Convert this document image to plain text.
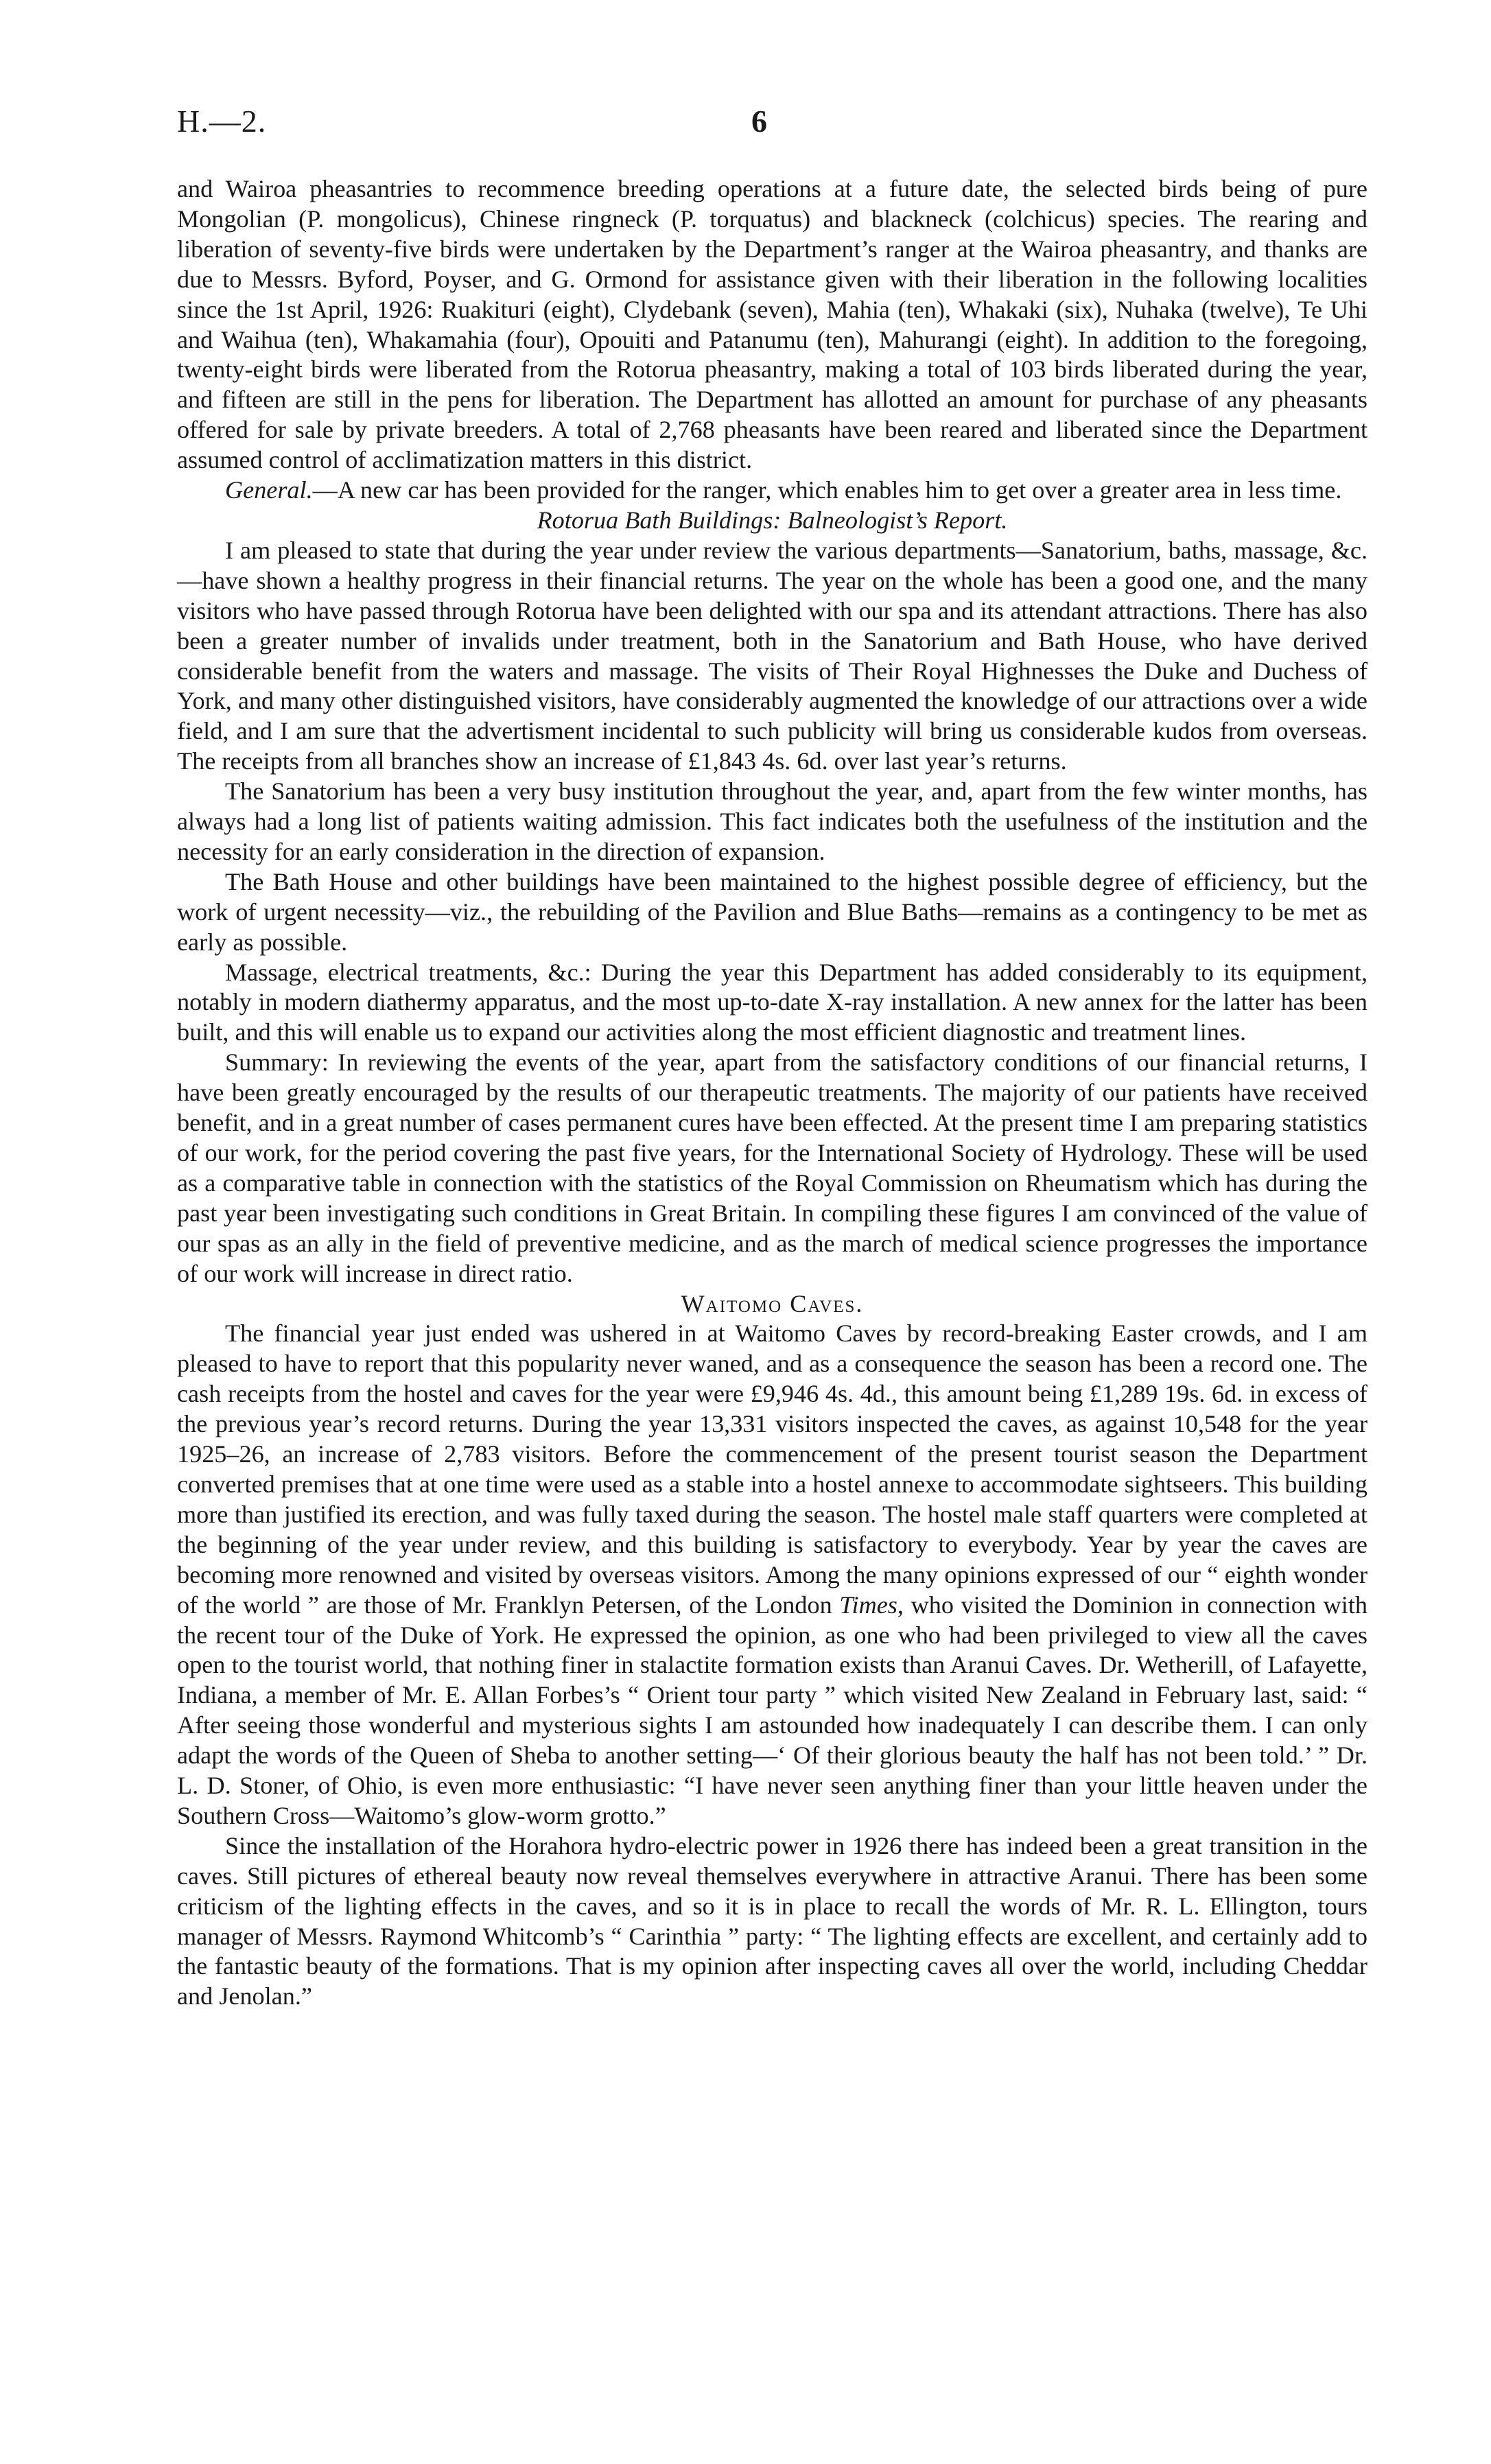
H.—2.	6

and Wairoa pheasantries to recommence breeding operations at a future date, the selected birds being of pure Mongolian (P. mongolicus), Chinese ringneck (P. torquatus) and blackneck (colchicus) species. The rearing and liberation of seventy-five birds were undertaken by the Department’s ranger at the Wairoa pheasantry, and thanks are due to Messrs. Byford, Poyser, and G. Ormond for assistance given with their liberation in the following localities since the 1st April, 1926: Ruakituri (eight), Clydebank (seven), Mahia (ten), Whakaki (six), Nuhaka (twelve), Te Uhi and Waihua (ten), Whakamahia (four), Opouiti and Patanumu (ten), Mahurangi (eight). In addition to the foregoing, twenty-eight birds were liberated from the Rotorua pheasantry, making a total of 103 birds liberated during the year, and fifteen are still in the pens for liberation. The Department has allotted an amount for purchase of any pheasants offered for sale by private breeders. A total of 2,768 pheasants have been reared and liberated since the Department assumed control of acclimatization matters in this district.

General.—A new car has been provided for the ranger, which enables him to get over a greater area in less time.

Rotorua Bath Buildings: Balneologist’s Report.

I am pleased to state that during the year under review the various departments—Sanatorium, baths, massage, &c.—have shown a healthy progress in their financial returns. The year on the whole has been a good one, and the many visitors who have passed through Rotorua have been delighted with our spa and its attendant attractions. There has also been a greater number of invalids under treatment, both in the Sanatorium and Bath House, who have derived considerable benefit from the waters and massage. The visits of Their Royal Highnesses the Duke and Duchess of York, and many other distinguished visitors, have considerably augmented the knowledge of our attractions over a wide field, and I am sure that the advertisment incidental to such publicity will bring us considerable kudos from overseas. The receipts from all branches show an increase of £1,843 4s. 6d. over last year’s returns.

The Sanatorium has been a very busy institution throughout the year, and, apart from the few winter months, has always had a long list of patients waiting admission. This fact indicates both the usefulness of the institution and the necessity for an early consideration in the direction of expansion.

The Bath House and other buildings have been maintained to the highest possible degree of efficiency, but the work of urgent necessity—viz., the rebuilding of the Pavilion and Blue Baths—remains as a contingency to be met as early as possible.

Massage, electrical treatments, &c.: During the year this Department has added considerably to its equipment, notably in modern diathermy apparatus, and the most up-to-date X-ray installation. A new annex for the latter has been built, and this will enable us to expand our activities along the most efficient diagnostic and treatment lines.

Summary: In reviewing the events of the year, apart from the satisfactory conditions of our financial returns, I have been greatly encouraged by the results of our therapeutic treatments. The majority of our patients have received benefit, and in a great number of cases permanent cures have been effected. At the present time I am preparing statistics of our work, for the period covering the past five years, for the International Society of Hydrology. These will be used as a comparative table in connection with the statistics of the Royal Commission on Rheumatism which has during the past year been investigating such conditions in Great Britain. In compiling these figures I am convinced of the value of our spas as an ally in the field of preventive medicine, and as the march of medical science progresses the importance of our work will increase in direct ratio.

Waitomo Caves.

The financial year just ended was ushered in at Waitomo Caves by record-breaking Easter crowds, and I am pleased to have to report that this popularity never waned, and as a consequence the season has been a record one. The cash receipts from the hostel and caves for the year were £9,946 4s. 4d., this amount being £1,289 19s. 6d. in excess of the previous year’s record returns. During the year 13,331 visitors inspected the caves, as against 10,548 for the year 1925–26, an increase of 2,783 visitors. Before the commencement of the present tourist season the Department converted premises that at one time were used as a stable into a hostel annexe to accommodate sightseers. This building more than justified its erection, and was fully taxed during the season. The hostel male staff quarters were completed at the beginning of the year under review, and this building is satisfactory to everybody. Year by year the caves are becoming more renowned and visited by overseas visitors. Among the many opinions expressed of our “ eighth wonder of the world ” are those of Mr. Franklyn Petersen, of the London Times, who visited the Dominion in connection with the recent tour of the Duke of York. He expressed the opinion, as one who had been privileged to view all the caves open to the tourist world, that nothing finer in stalactite formation exists than Aranui Caves. Dr. Wetherill, of Lafayette, Indiana, a member of Mr. E. Allan Forbes’s “ Orient tour party ” which visited New Zealand in February last, said: “ After seeing those wonderful and mysterious sights I am astounded how inadequately I can describe them. I can only adapt the words of the Queen of Sheba to another setting—‘ Of their glorious beauty the half has not been told.’ ” Dr. L. D. Stoner, of Ohio, is even more enthusiastic: “I have never seen anything finer than your little heaven under the Southern Cross—Waitomo’s glow-worm grotto.”

Since the installation of the Horahora hydro-electric power in 1926 there has indeed been a great transition in the caves. Still pictures of ethereal beauty now reveal themselves everywhere in attractive Aranui. There has been some criticism of the lighting effects in the caves, and so it is in place to recall the words of Mr. R. L. Ellington, tours manager of Messrs. Raymond Whitcomb’s “ Carinthia ” party: “ The lighting effects are excellent, and certainly add to the fantastic beauty of the formations. That is my opinion after inspecting caves all over the world, including Cheddar and Jenolan.”
